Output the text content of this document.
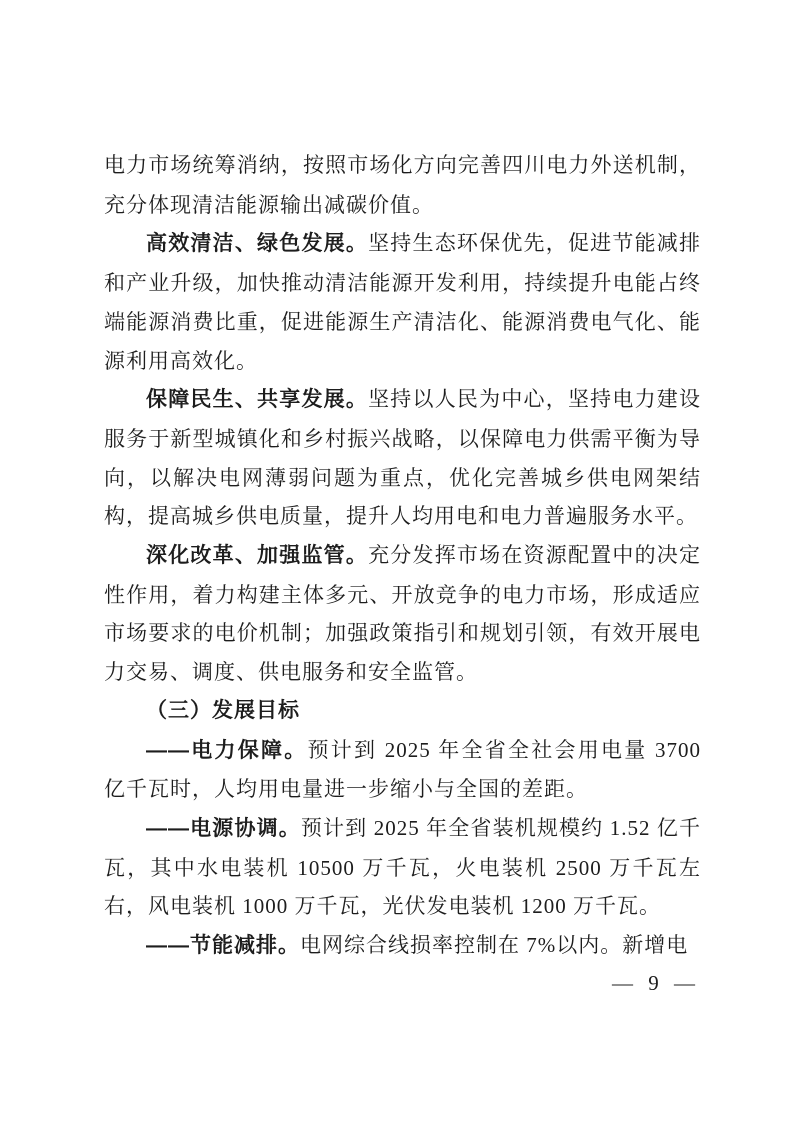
电力市场统筹消纳，按照市场化方向完善四川电力外送机制，充分体现清洁能源输出减碳价值。

高效清洁、绿色发展。坚持生态环保优先，促进节能减排和产业升级，加快推动清洁能源开发利用，持续提升电能占终端能源消费比重，促进能源生产清洁化、能源消费电气化、能源利用高效化。

保障民生、共享发展。坚持以人民为中心，坚持电力建设服务于新型城镇化和乡村振兴战略，以保障电力供需平衡为导向，以解决电网薄弱问题为重点，优化完善城乡供电网架结构，提高城乡供电质量，提升人均用电和电力普遍服务水平。

深化改革、加强监管。充分发挥市场在资源配置中的决定性作用，着力构建主体多元、开放竞争的电力市场，形成适应市场要求的电价机制；加强政策指引和规划引领，有效开展电力交易、调度、供电服务和安全监管。

（三）发展目标

——电力保障。预计到 2025 年全省全社会用电量 3700 亿千瓦时，人均用电量进一步缩小与全国的差距。

——电源协调。预计到 2025 年全省装机规模约 1.52 亿千瓦，其中水电装机 10500 万千瓦，火电装机 2500 万千瓦左右，风电装机 1000 万千瓦，光伏发电装机 1200 万千瓦。

——节能减排。电网综合线损率控制在 7%以内。新增电

— 9 —
